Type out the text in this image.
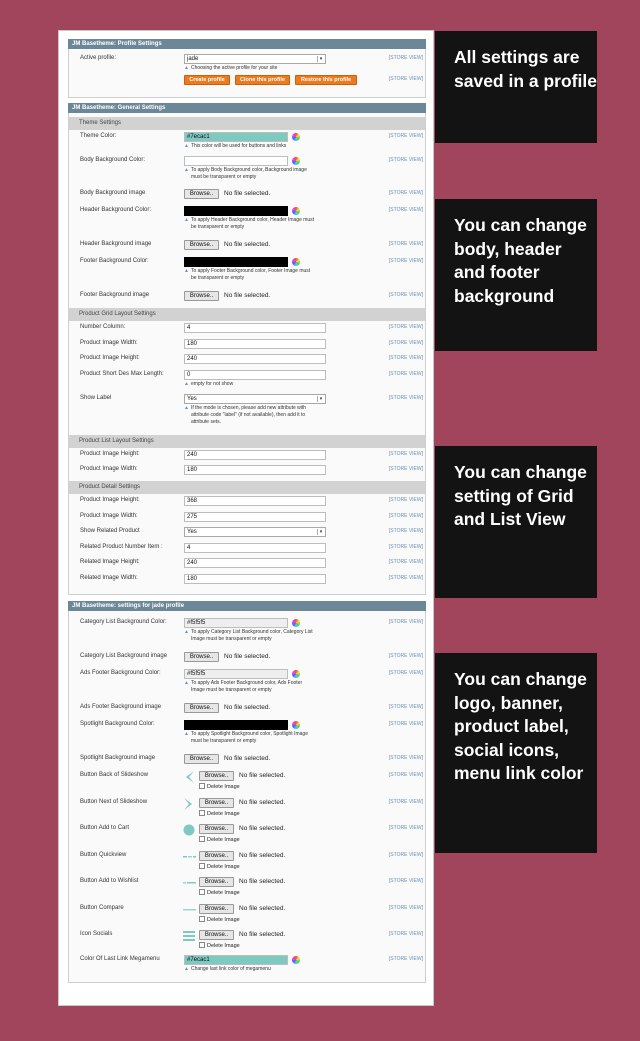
JM Basetheme: Profile Settings
Active profile:	jade	▾	[STORE VIEW]
▲ Choosing the active profile for your site
Create profile	Clone this profile	Restore this profile	[STORE VIEW]
JM Basetheme: General Settings
Theme Settings
Theme Color:	#7ecac1	[STORE VIEW]
▲ This color will be used for buttons and links
Body Background Color:	[STORE VIEW]
▲ To apply Body Background color, Background image
must be transparent or empty
Body Background image	Browse..	No file selected.	[STORE VIEW]
Header Background Color:	[STORE VIEW]
▲ To apply Header Background color, Header Image must
be transparent or empty
Header Background image	Browse..	No file selected.	[STORE VIEW]
Footer Background Color:	[STORE VIEW]
▲ To apply Footer Background color, Footer Image must
be transparent or empty
Footer Background image	Browse..	No file selected.	[STORE VIEW]
Product Grid Layout Settings
Number Column:	4	[STORE VIEW]
Product Image Width:	180	[STORE VIEW]
Product Image Height:	240	[STORE VIEW]
Product Short Des Max Length:	0	[STORE VIEW]
▲ empty for not show
Show Label	Yes	▾	[STORE VIEW]
▲ If the mode is chosen, please add new attribute with
attribute code "label" (if not available), then add it to
attribute sets.
Product List Layout Settings
Product Image Height:	240	[STORE VIEW]
Product Image Width:	180	[STORE VIEW]
Product Detail Settings
Product Image Height:	368	[STORE VIEW]
Product Image Width:	275	[STORE VIEW]
Show Related Product	Yes	▾	[STORE VIEW]
Related Product Number Item :	4	[STORE VIEW]
Related Image Height:	240	[STORE VIEW]
Related Image Width:	180	[STORE VIEW]
JM Basetheme: settings for jade profile
Category List Background Color:	#f5f5f5	[STORE VIEW]
▲ To apply Category List Background color, Category List
Image must be transparent or empty
Category List Background image	Browse..	No file selected.	[STORE VIEW]
Ads Footer Background Color:	#f5f5f5	[STORE VIEW]
▲ To apply Ads Footer Background color, Ads Footer
Image must be transparent or empty
Ads Footer Background image	Browse..	No file selected.	[STORE VIEW]
Spotlight Background Color:	[STORE VIEW]
▲ To apply Spotlight Background color, Spotlight Image
must be transparent or empty
Spotlight Background image	Browse..	No file selected.	[STORE VIEW]
Button Back of Slideshow	Browse..	No file selected.
Delete Image
[STORE VIEW]
Button Next of Slideshow	Browse..	No file selected.
Delete Image
[STORE VIEW]
Button Add to Cart	Browse..	No file selected.
Delete Image
[STORE VIEW]
Button Quickview	Browse..	No file selected.
Delete Image
[STORE VIEW]
Button Add to Wishlist	Browse..	No file selected.
Delete Image
[STORE VIEW]
Button Compare	Browse..	No file selected.
Delete Image
[STORE VIEW]
Icon Socials	Browse..	No file selected.
Delete Image
[STORE VIEW]
Color Of Last Link Megamenu	#7ecac1	[STORE VIEW]
▲ Change last link color of megamenu
All settings are saved in a profile
You can change body, header and footer background
You can change setting of Grid and List View
You can change logo, banner, product label, social icons, menu link color
